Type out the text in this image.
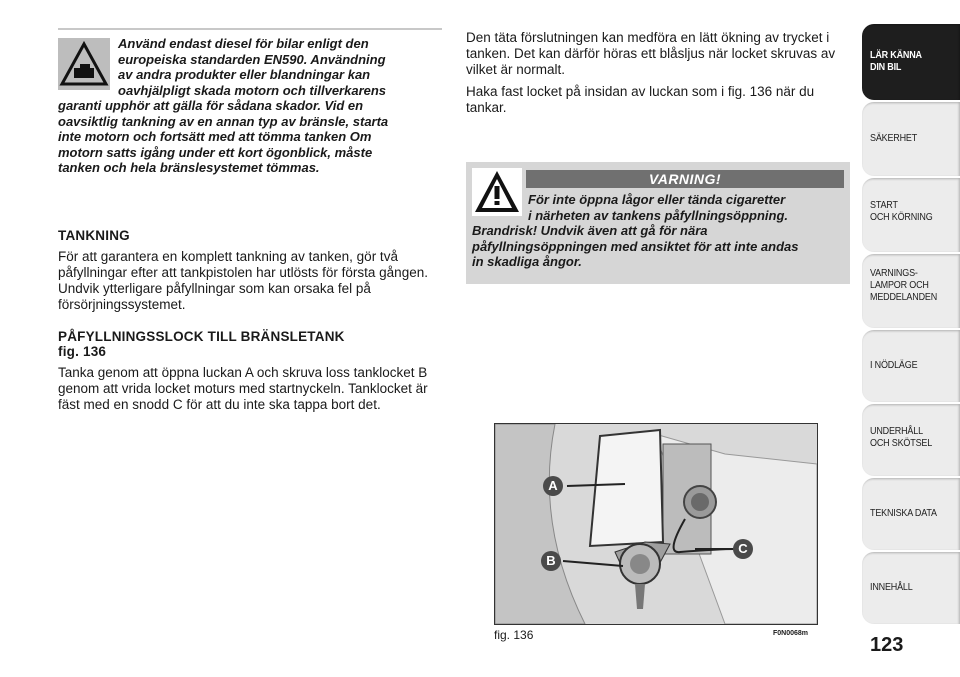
Använd endast diesel för bilar enligt den

europeiska standarden EN590. Användning

av andra produkter eller blandningar kan

oavhjälpligt skada motorn och tillverkarens

garanti upphör att gälla för sådana skador. Vid en

oavsiktlig tankning av en annan typ av bränsle, starta

inte motorn och fortsätt med att tömma tanken Om

motorn satts igång under ett kort ögonblick, måste

tanken och hela bränslesystemet tömmas.

TANKNING

För att garantera en komplett tankning av tanken, gör två påfyllningar efter att tankpistolen har utlösts för första gången. Undvik ytterligare påfyllningar som kan orsaka fel på försörjningssystemet.

PÅFYLLNINGSSLOCK TILL BRÄNSLETANK

fig. 136

Tanka genom att öppna luckan A och skruva loss tanklocket B genom att vrida locket moturs med startnyckeln. Tanklocket är fäst med en snodd C för att du inte ska tappa bort det.

Den täta förslutningen kan medföra en lätt ökning av trycket i tanken. Det kan därför höras ett blåsljus när locket skruvas av vilket är normalt.

Haka fast locket på insidan av luckan som i fig. 136 när du tankar.

VARNING!

För inte öppna lågor eller tända cigaretter

i närheten av tankens påfyllningsöppning.

Brandrisk! Undvik även att gå för nära

påfyllningsöppningen med ansiktet för att inte andas

in skadliga ångor.

A
B
C
fig. 136	F0N0068m
123
LÄR KÄNNA
DIN BIL
SÄKERHET
START
OCH KÖRNING
VARNINGS-
LAMPOR OCH
MEDDELANDEN
I NÖDLÄGE
UNDERHÅLL
OCH SKÖTSEL
TEKNISKA DATA
INNEHÅLL
